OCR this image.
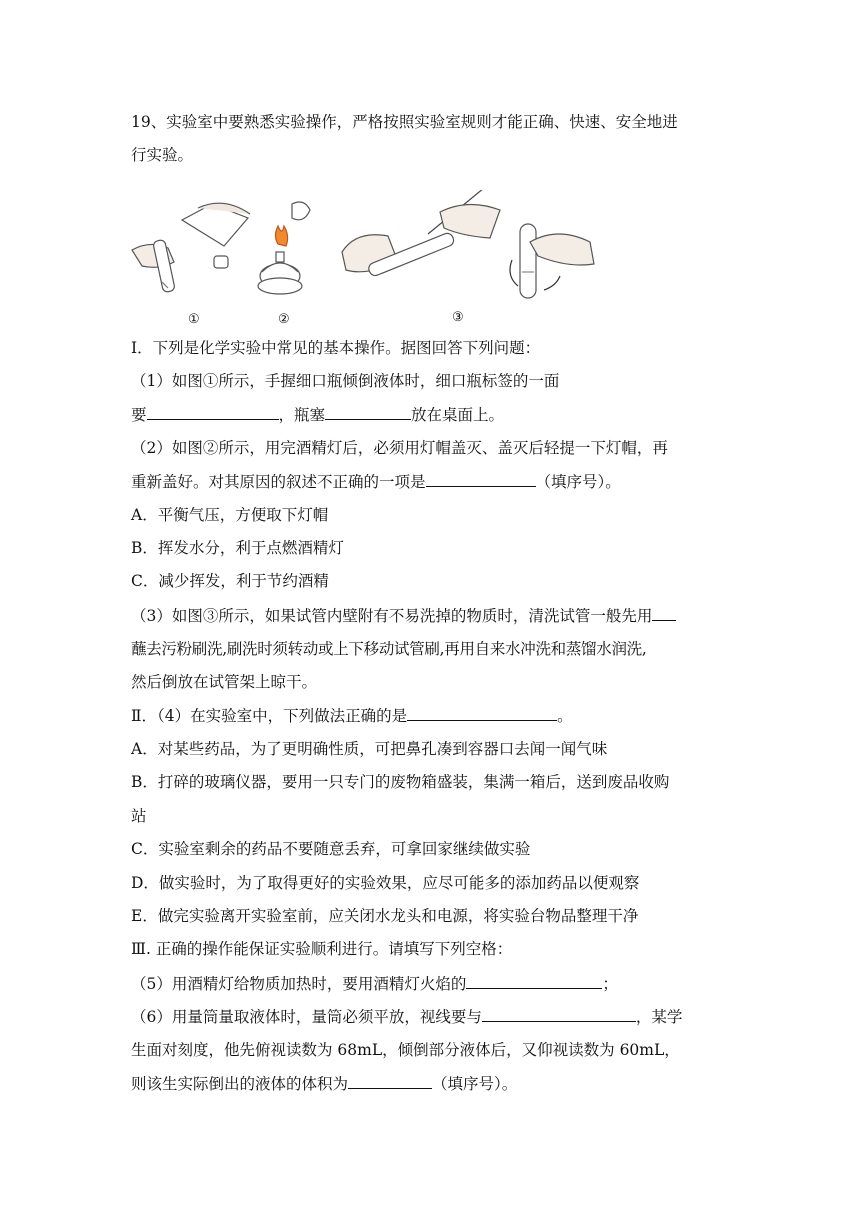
19、实验室中要熟悉实验操作，严格按照实验室规则才能正确、快速、安全地进
行实验。
①	②	③
Ⅰ．下列是化学实验中常见的基本操作。据图回答下列问题：
（1）如图①所示，手握细口瓶倾倒液体时，细口瓶标签的一面
要	，瓶塞	放在桌面上。
（2）如图②所示，用完酒精灯后，必须用灯帽盖灭、盖灭后轻提一下灯帽，再
重新盖好。对其原因的叙述不正确的一项是	（填序号）。
A．平衡气压，方便取下灯帽
B．挥发水分，利于点燃酒精灯
C．减少挥发，利于节约酒精
（3）如图③所示，如果试管内壁附有不易洗掉的物质时，清洗试管一般先用
蘸去污粉刷洗,刷洗时须转动或上下移动试管刷,再用自来水冲洗和蒸馏水润洗,
然后倒放在试管架上晾干。
Ⅱ．（4）在实验室中，下列做法正确的是	。
A．对某些药品，为了更明确性质，可把鼻孔凑到容器口去闻一闻气味
B．打碎的玻璃仪器，要用一只专门的废物箱盛装，集满一箱后，送到废品收购
站
C．实验室剩余的药品不要随意丢弃，可拿回家继续做实验
D．做实验时，为了取得更好的实验效果，应尽可能多的添加药品以便观察
E．做完实验离开实验室前，应关闭水龙头和电源，将实验台物品整理干净
Ⅲ. 正确的操作能保证实验顺利进行。请填写下列空格：
（5）用酒精灯给物质加热时，要用酒精灯火焰的	；
（6）用量筒量取液体时，量筒必须平放，视线要与	，某学
生面对刻度，他先俯视读数为 68mL，倾倒部分液体后，又仰视读数为 60mL，
则该生实际倒出的液体的体积为	（填序号）。
